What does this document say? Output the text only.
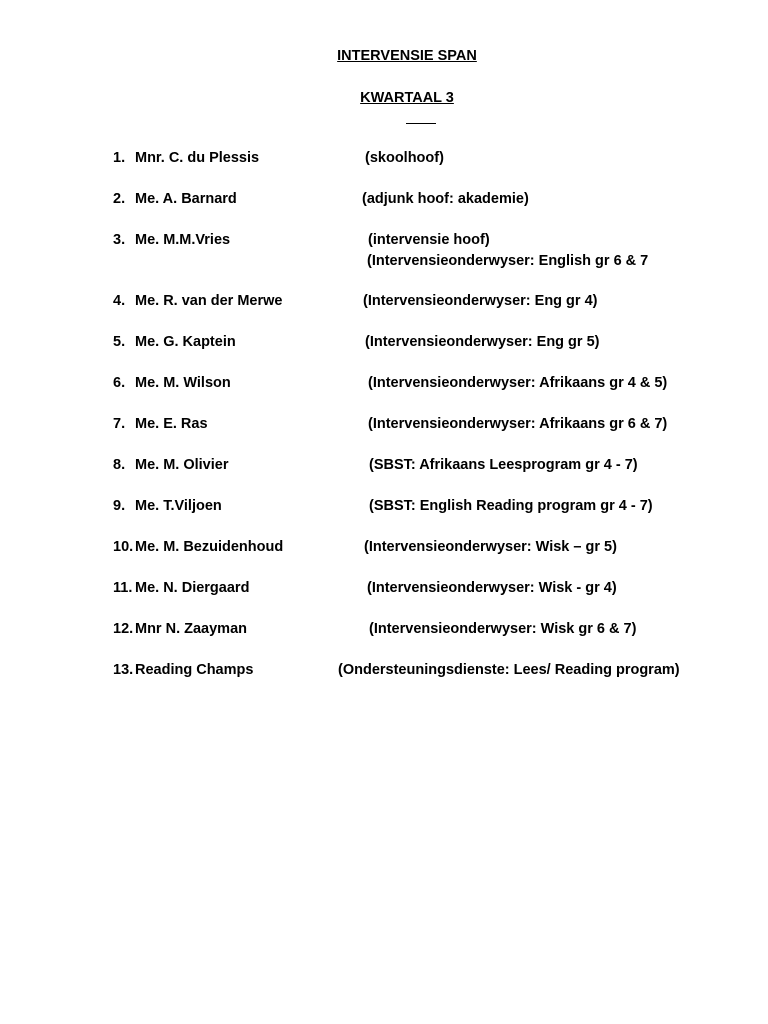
INTERVENSIE SPAN
KWARTAAL 3
1. Mnr. C. du Plessis	(skoolhoof)
2. Me. A. Barnard	(adjunk hoof: akademie)
3. Me. M.M.Vries	(intervensie hoof)
(Intervensieonderwyser: English gr 6 & 7
4. Me. R. van der Merwe	(Intervensieonderwyser: Eng gr 4)
5. Me. G. Kaptein	(Intervensieonderwyser: Eng gr 5)
6. Me. M. Wilson	(Intervensieonderwyser: Afrikaans gr 4 & 5)
7. Me. E. Ras	(Intervensieonderwyser: Afrikaans gr 6 & 7)
8. Me. M. Olivier	(SBST: Afrikaans Leesprogram gr 4 - 7)
9. Me. T.Viljoen	(SBST: English Reading program gr 4 - 7)
10. Me. M. Bezuidenhoud	(Intervensieonderwyser: Wisk – gr 5)
11. Me. N. Diergaard	(Intervensieonderwyser: Wisk - gr 4)
12. Mnr N. Zaayman	(Intervensieonderwyser: Wisk gr 6 & 7)
13. Reading Champs	(Ondersteuningsdienste: Lees/ Reading program)
